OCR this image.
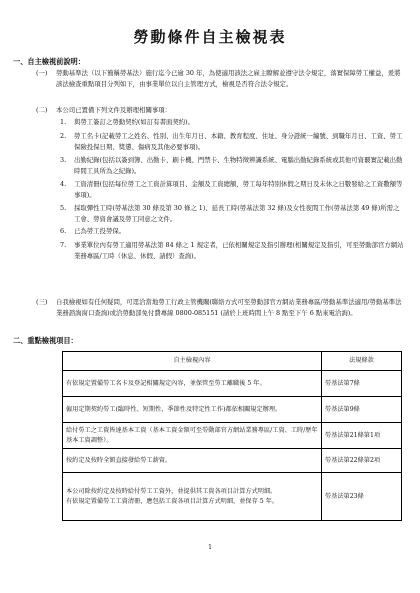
勞動條件自主檢視表
一、自主檢視前說明：
(一) 勞動基準法（以下簡稱勞基法）施行迄今已逾 30 年，為使適用該法之雇主瞭解並遵守法令規定，落實保障勞工權益，爰將該法檢查重點項目分列如下，由事業單位以自主管理方式，檢視是否符合法令規定。
(二) 本公司已置備下列文件及辦理相關事項：
1. 與勞工簽訂之勞動契約(如訂有書面契約)。
2. 勞工名卡(記載勞工之姓名、性別、出生年月日、本籍、教育程度、住址、身分證統一編號、到職年月日、工資、勞工保險投保日期、獎懲、傷病及其他必要事項)。
3. 出勤紀錄(包括以簽到簿、出勤卡、刷卡機、門禁卡、生物特徵辨識系統、電腦出勤紀錄系統或其他可資覈實記載出勤時間工具所為之紀錄)。
4. 工資清冊(包括每位勞工之工資計算項目、金額及工資總額，勞工每年特別休假之期日及未休之日數發給之工資數額等事項)。
5. 採取彈性工時(勞基法第 30 條及第 30 條之 1)、延長工時(勞基法第 32 條)及女性夜間工作(勞基法第 49 條)所需之工會、勞資會議及勞工同意之文件。
6. 已為勞工投勞保。
7. 事業單位內有勞工適用勞基法第 84 條之 1 規定者，已依相關規定及指引辦理(相關規定及指引，可至勞動部官方網站業務專區/工時（休息、休假、請假）查詢)。
(三) 自我檢視如有任何疑問，可逕洽當地勞工行政主管機關(聯絡方式可至勞動部官方網站業務專區/勞動基準法適用/勞動基準法業務諮詢窗口查詢)或洽勞動部免付費專線 0800-085151 (請於上班時間上午 8 點至下午 6 點來電洽詢)。
二、重點檢視項目：
自主檢視內容	法規條款
有依規定置備勞工名卡及登記相關規定內容，並保管至勞工離職後 5 年。	勞基法第7條
僱用定期契約勞工(臨時性、短期性、季節性及特定性工作)都依相關規定辦理。	勞基法第9條
給付勞工之工資皆達基本工資（基本工資金額可至勞動部官方網站業務專區/工資、工時/歷年基本工資調整）。	勞基法第21條第1項
按約定及按時全額直接發給勞工薪資。	勞基法第22條第2項
本公司除按約定及按時給付勞工工資外，並提供其工資各項目計算方式明細。
有依規定置備勞工工資清冊，應包括工資各項目計算方式明細，並保存 5 年。	勞基法第23條
1
